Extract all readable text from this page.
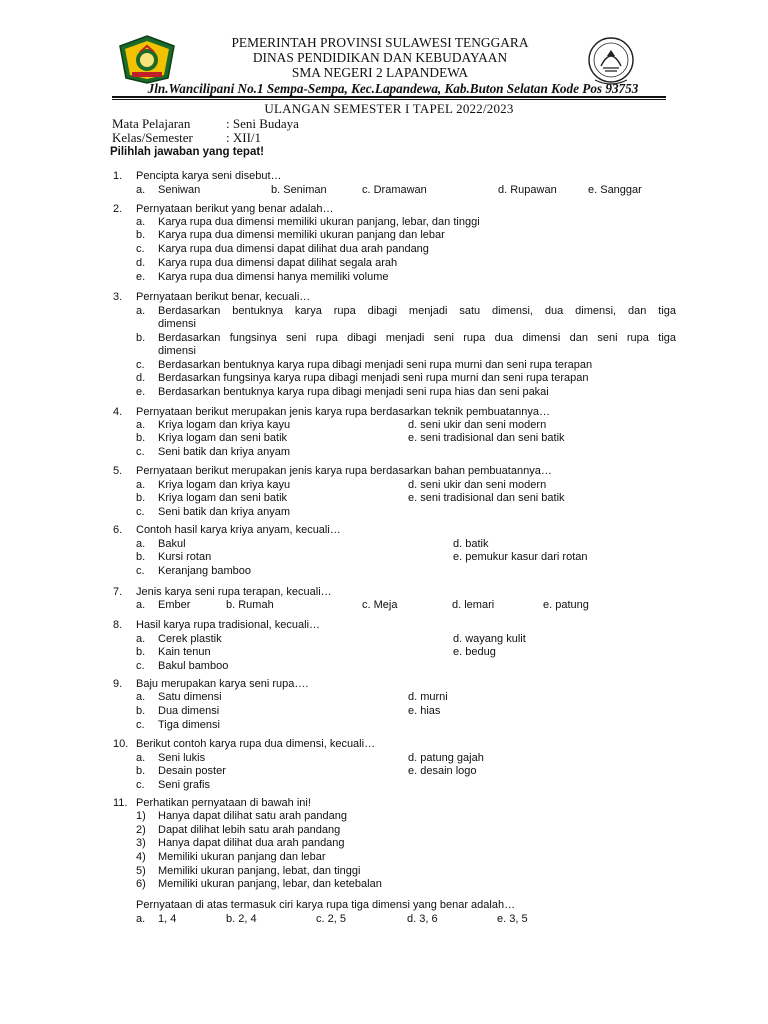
PEMERINTAH PROVINSI SULAWESI TENGGARA
DINAS PENDIDIKAN DAN KEBUDAYAAN
SMA NEGERI 2 LAPANDEWA
Jln.Wancilipani No.1 Sempa-Sempa, Kec.Lapandewa, Kab.Buton Selatan Kode Pos 93753
ULANGAN SEMESTER I TAPEL 2022/2023
Mata Pelajaran	: Seni Budaya
Kelas/Semester	: XII/1
Pilihlah jawaban yang tepat!
1. Pencipta karya seni disebut…
a. Seniwan	b. Seniman	c. Dramawan	d. Rupawan	e. Sanggar
2. Pernyataan berikut yang benar adalah…
a. Karya rupa dua dimensi memiliki ukuran panjang, lebar, dan tinggi
b. Karya rupa dua dimensi memiliki ukuran panjang dan lebar
c. Karya rupa dua dimensi dapat dilihat dua arah pandang
d. Karya rupa dua dimensi dapat dilihat segala arah
e. Karya rupa dua dimensi hanya memiliki volume
3. Pernyataan berikut benar, kecuali…
a. Berdasarkan bentuknya karya rupa dibagi menjadi satu dimensi, dua dimensi, dan tiga
dimensi
b. Berdasarkan fungsinya seni rupa dibagi menjadi seni rupa dua dimensi dan seni rupa tiga
dimensi
c. Berdasarkan bentuknya karya rupa dibagi menjadi seni rupa murni dan seni rupa terapan
d. Berdasarkan fungsinya karya rupa dibagi menjadi seni rupa murni dan seni rupa terapan
e. Berdasarkan bentuknya karya rupa dibagi menjadi seni rupa hias dan seni pakai
4. Pernyataan berikut merupakan jenis karya rupa berdasarkan teknik pembuatannya…
a. Kriya logam dan kriya kayu	d. seni ukir dan seni modern
b. Kriya logam dan seni batik	e. seni tradisional dan seni batik
c. Seni batik dan kriya anyam
5. Pernyataan berikut merupakan jenis karya rupa berdasarkan bahan pembuatannya…
a. Kriya logam dan kriya kayu	d. seni ukir dan seni modern
b. Kriya logam dan seni batik	e. seni tradisional dan seni batik
c. Seni batik dan kriya anyam
6. Contoh hasil karya kriya anyam, kecuali…
a. Bakul	d. batik
b. Kursi rotan	e. pemukur kasur dari rotan
c. Keranjang bamboo
7. Jenis karya seni rupa terapan, kecuali…
a. Ember	b. Rumah	c. Meja	d. lemari	e. patung
8. Hasil karya rupa tradisional, kecuali…
a. Cerek plastik	d. wayang kulit
b. Kain tenun	e. bedug
c. Bakul bamboo
9. Baju merupakan karya seni rupa….
a. Satu dimensi	d. murni
b. Dua dimensi	e. hias
c. Tiga dimensi
10. Berikut contoh karya rupa dua dimensi, kecuali…
a. Seni lukis	d. patung gajah
b. Desain poster	e. desain logo
c. Seni grafis
11. Perhatikan pernyataan di bawah ini!
1) Hanya dapat dilihat satu arah pandang
2) Dapat dilihat lebih satu arah pandang
3) Hanya dapat dilihat dua arah pandang
4) Memiliki ukuran panjang dan lebar
5) Memiliki ukuran panjang, lebat, dan tinggi
6) Memiliki ukuran panjang, lebar, dan ketebalan
Pernyataan di atas termasuk ciri karya rupa tiga dimensi yang benar adalah…
a. 1, 4	b. 2, 4	c. 2, 5	d. 3, 6	e. 3, 5
